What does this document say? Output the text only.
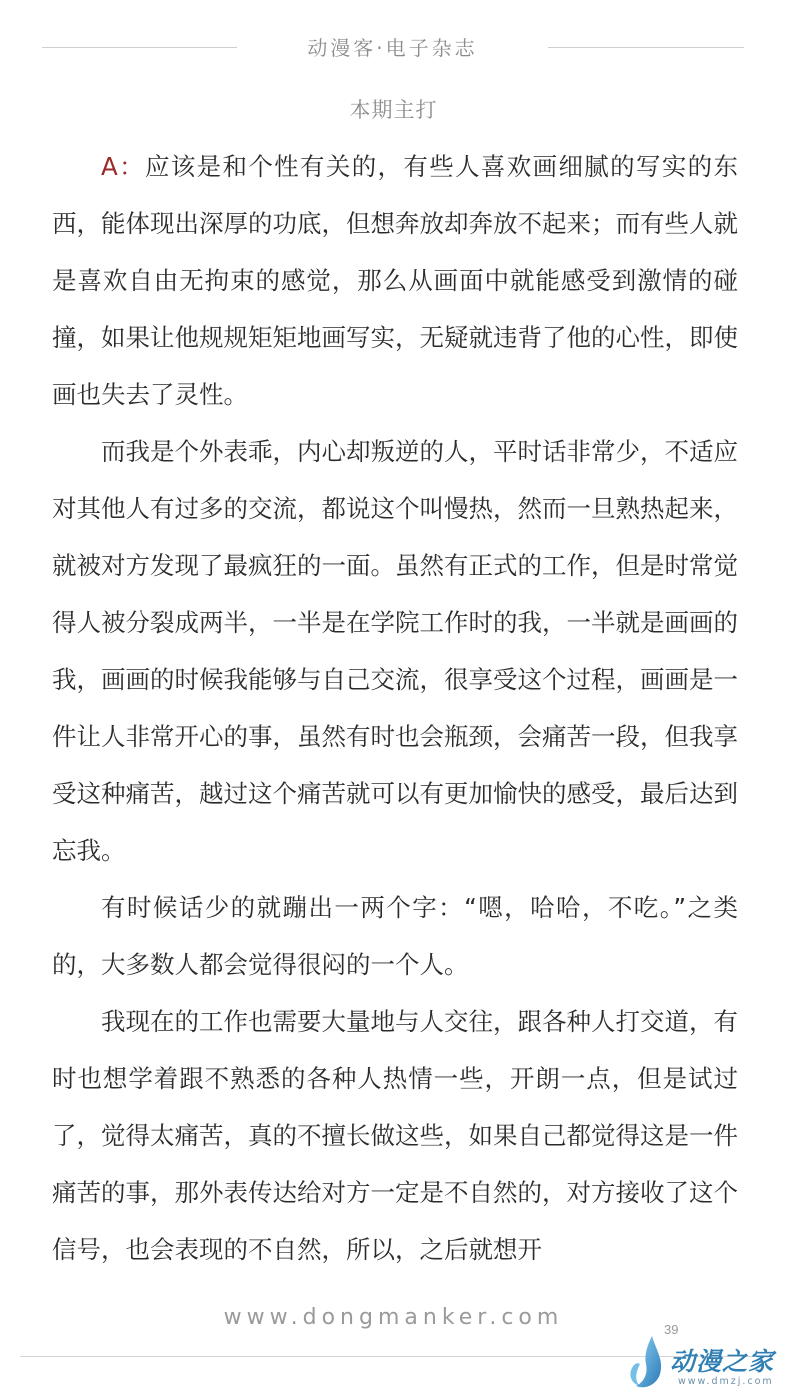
动漫客·电子杂志
本期主打

A：应该是和个性有关的，有些人喜欢画细腻的写实的东西，能体现出深厚的功底，但想奔放却奔放不起来；而有些人就是喜欢自由无拘束的感觉，那么从画面中就能感受到激情的碰撞，如果让他规规矩矩地画写实，无疑就违背了他的心性，即使画也失去了灵性。

而我是个外表乖，内心却叛逆的人，平时话非常少，不适应对其他人有过多的交流，都说这个叫慢热，然而一旦熟热起来，就被对方发现了最疯狂的一面。虽然有正式的工作，但是时常觉得人被分裂成两半，一半是在学院工作时的我，一半就是画画的我，画画的时候我能够与自己交流，很享受这个过程，画画是一件让人非常开心的事，虽然有时也会瓶颈，会痛苦一段，但我享受这种痛苦，越过这个痛苦就可以有更加愉快的感受，最后达到忘我。

有时候话少的就蹦出一两个字：“嗯，哈哈，不吃。”之类的，大多数人都会觉得很闷的一个人。

我现在的工作也需要大量地与人交往，跟各种人打交道，有时也想学着跟不熟悉的各种人热情一些，开朗一点，但是试过了，觉得太痛苦，真的不擅长做这些，如果自己都觉得这是一件痛苦的事，那外表传达给对方一定是不自然的，对方接收了这个信号，也会表现的不自然，所以，之后就想开

www.dongmanker.com	39
动漫之家
www.dmzj.com
